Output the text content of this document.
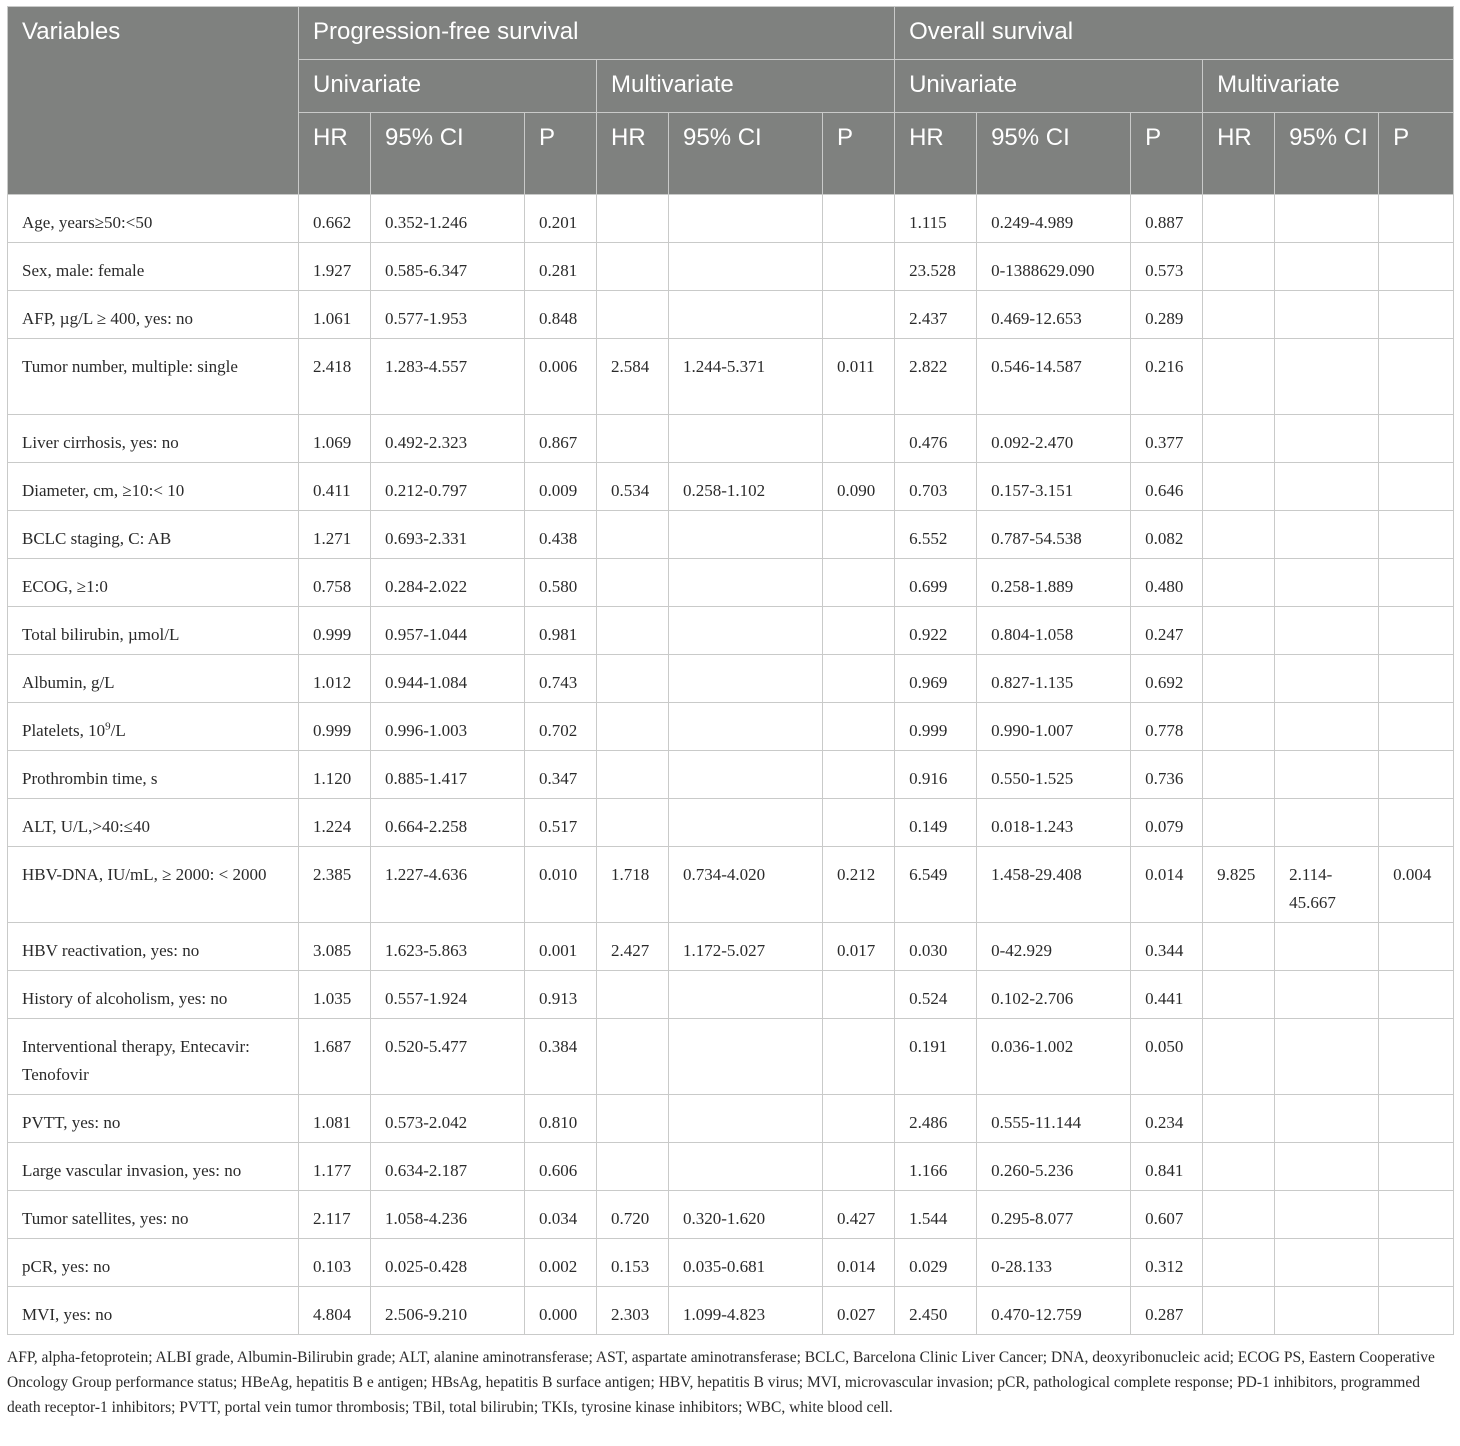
Variables	Progression-free survival						Overall survival					
	Univariate			Multivariate			Univariate			Multivariate		
	HR	95% CI	P	HR	95% CI	P	HR	95% CI	P	HR	95% CI	P
Age, years≥50:<50	0.662	0.352-1.246	0.201				1.115	0.249-4.989	0.887			
Sex, male: female	1.927	0.585-6.347	0.281				23.528	0-1388629.090	0.573			
AFP, µg/L ≥ 400, yes: no	1.061	0.577-1.953	0.848				2.437	0.469-12.653	0.289			
Tumor number, multiple: single	2.418	1.283-4.557	0.006	2.584	1.244-5.371	0.011	2.822	0.546-14.587	0.216			
Liver cirrhosis, yes: no	1.069	0.492-2.323	0.867				0.476	0.092-2.470	0.377			
Diameter, cm, ≥10:< 10	0.411	0.212-0.797	0.009	0.534	0.258-1.102	0.090	0.703	0.157-3.151	0.646			
BCLC staging, C: AB	1.271	0.693-2.331	0.438				6.552	0.787-54.538	0.082			
ECOG, ≥1:0	0.758	0.284-2.022	0.580				0.699	0.258-1.889	0.480			
Total bilirubin, µmol/L	0.999	0.957-1.044	0.981				0.922	0.804-1.058	0.247			
Albumin, g/L	1.012	0.944-1.084	0.743				0.969	0.827-1.135	0.692			
Platelets, $10^9/L$	0.999	0.996-1.003	0.702				0.999	0.990-1.007	0.778			
Prothrombin time, s	1.120	0.885-1.417	0.347				0.916	0.550-1.525	0.736			
ALT, U/L,>40:≤40	1.224	0.664-2.258	0.517				0.149	0.018-1.243	0.079			
HBV-DNA, IU/mL, ≥ 2000: < 2000	2.385	1.227-4.636	0.010	1.718	0.734-4.020	0.212	6.549	1.458-29.408	0.014	9.825	2.114-45.667	0.004
HBV reactivation, yes: no	3.085	1.623-5.863	0.001	2.427	1.172-5.027	0.017	0.030	0-42.929	0.344			
History of alcoholism, yes: no	1.035	0.557-1.924	0.913				0.524	0.102-2.706	0.441			
Interventional therapy, Entecavir: Tenofovir	1.687	0.520-5.477	0.384				0.191	0.036-1.002	0.050			
PVTT, yes: no	1.081	0.573-2.042	0.810				2.486	0.555-11.144	0.234			
Large vascular invasion, yes: no	1.177	0.634-2.187	0.606				1.166	0.260-5.236	0.841			
Tumor satellites, yes: no	2.117	1.058-4.236	0.034	0.720	0.320-1.620	0.427	1.544	0.295-8.077	0.607			
pCR, yes: no	0.103	0.025-0.428	0.002	0.153	0.035-0.681	0.014	0.029	0-28.133	0.312			
MVI, yes: no	4.804	2.506-9.210	0.000	2.303	1.099-4.823	0.027	2.450	0.470-12.759	0.287			
AFP, alpha-fetoprotein; ALBI grade, Albumin-Bilirubin grade; ALT, alanine aminotransferase; AST, aspartate aminotransferase; BCLC, Barcelona Clinic Liver Cancer; DNA, deoxyribonucleic acid; ECOG PS, Eastern Cooperative Oncology Group performance status; HBeAg, hepatitis B e antigen; HBsAg, hepatitis B surface antigen; HBV, hepatitis B virus; MVI, microvascular invasion; pCR, pathological complete response; PD-1 inhibitors, programmed death receptor-1 inhibitors; PVTT, portal vein tumor thrombosis; TBil, total bilirubin; TKIs, tyrosine kinase inhibitors; WBC, white blood cell.
